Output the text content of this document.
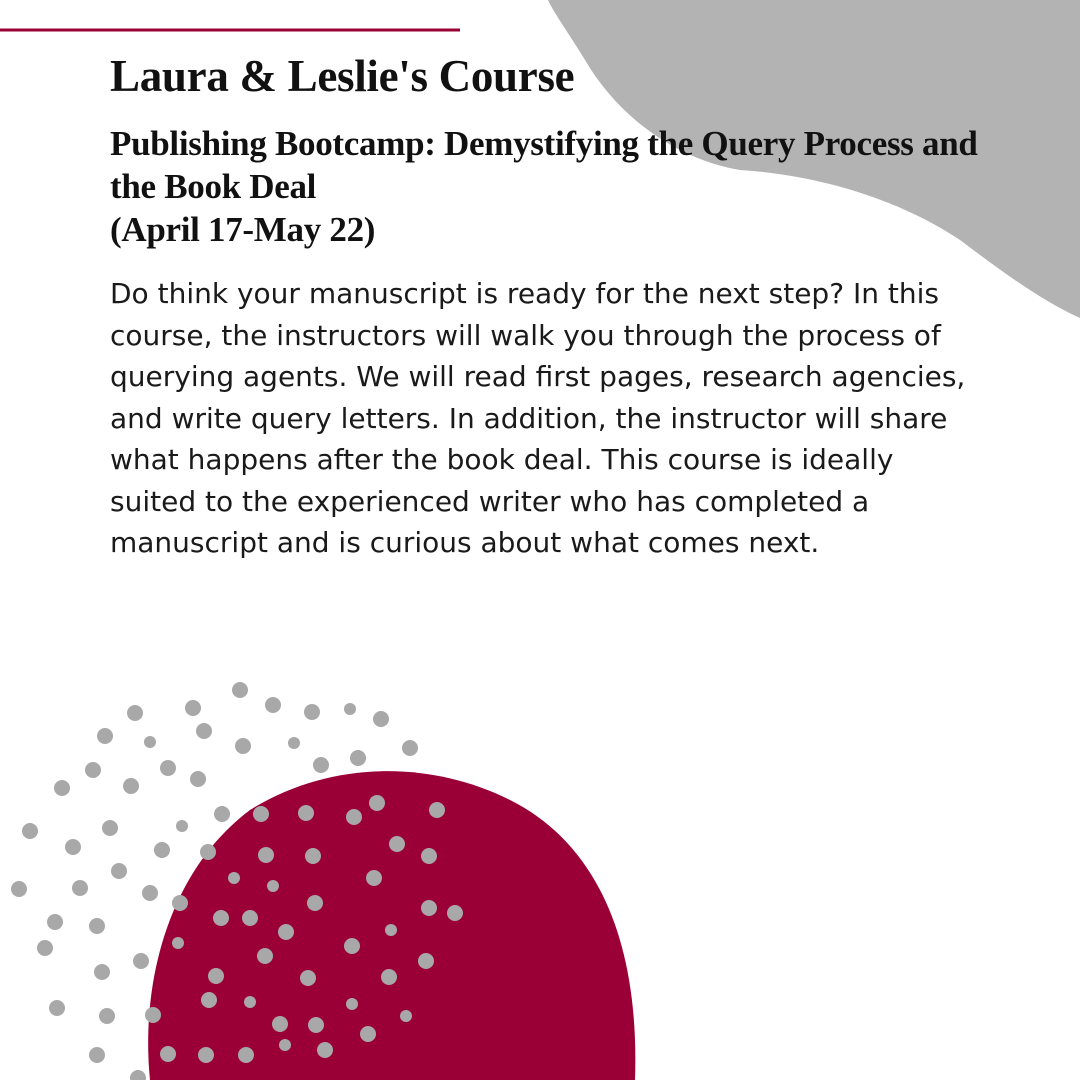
Laura & Leslie's Course
Publishing Bootcamp: Demystifying the Query Process and the Book Deal
(April 17-May 22)

Do think your manuscript is ready for the next step? In this course, the instructors will walk you through the process of querying agents. We will read first pages, research agencies, and write query letters. In addition, the instructor will share what happens after the book deal. This course is ideally suited to the experienced writer who has completed a manuscript and is curious about what comes next.
